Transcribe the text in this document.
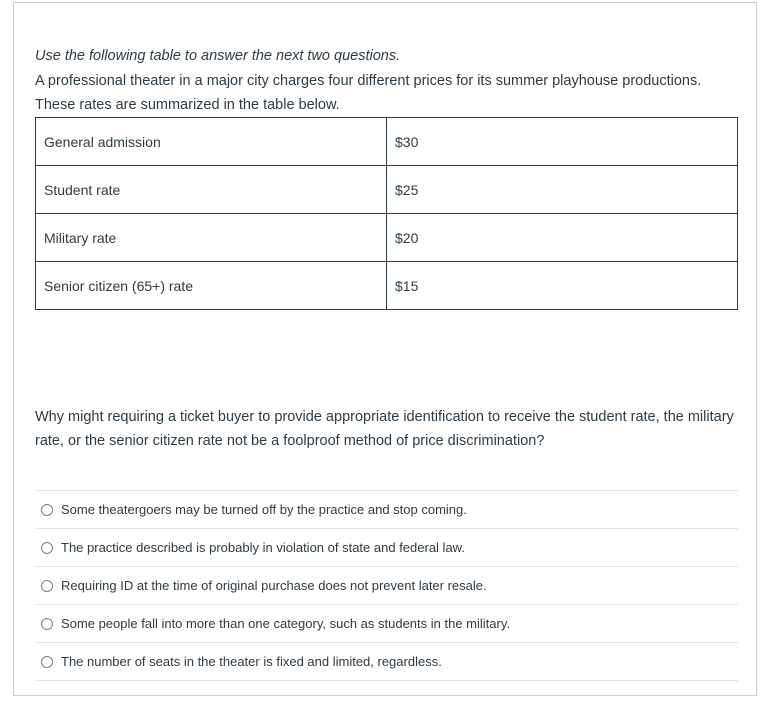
Use the following table to answer the next two questions.

A professional theater in a major city charges four different prices for its summer playhouse productions. These rates are summarized in the table below.

General admission	$30
Student rate	$25
Military rate	$20
Senior citizen (65+) rate	$15

Why might requiring a ticket buyer to provide appropriate identification to receive the student rate, the military rate, or the senior citizen rate not be a foolproof method of price discrimination?

Some theatergoers may be turned off by the practice and stop coming.
The practice described is probably in violation of state and federal law.
Requiring ID at the time of original purchase does not prevent later resale.
Some people fall into more than one category, such as students in the military.
The number of seats in the theater is fixed and limited, regardless.
